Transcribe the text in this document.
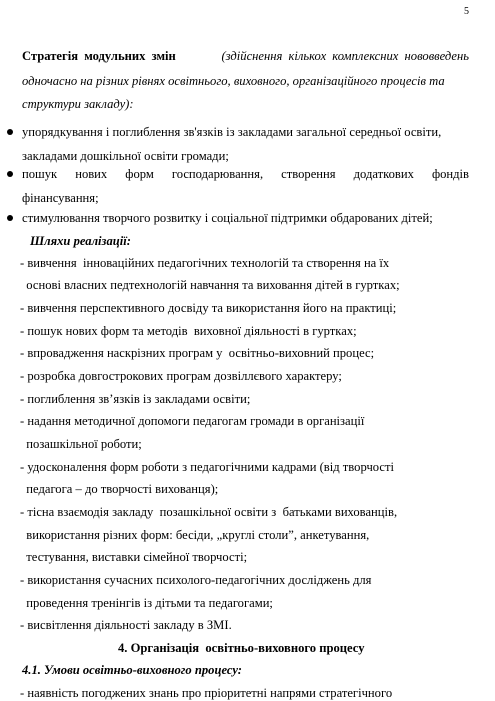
5
Стратегія модульних змін	(здійснення кількох комплексних нововведень
одночасно на різних рівнях освітнього, виховного, організаційного процесів та
структури закладу):
упорядкування і поглиблення зв'язків із закладами загальної середньої освіти,
закладами дошкільної освіти громади;
пошук нових форм господарювання, створення додаткових фондів
фінансування;
стимулювання творчого розвитку і соціальної підтримки обдарованих дітей;
Шляхи реалізації:
- вивчення  інноваційних педагогічних технологій та створення на їх
основі власних педтехнологій навчання та виховання дітей в гуртках;
- вивчення перспективного досвіду та використання його на практиці;
- пошук нових форм та методів  виховної діяльності в гуртках;
- впровадження наскрізних програм у  освітньо-виховний процес;
- розробка довгострокових програм дозвіллєвого характеру;
- поглиблення зв’язків із закладами освіти;
- надання методичної допомоги педагогам громади в організації
позашкільної роботи;
- удосконалення форм роботи з педагогічними кадрами (від творчості
педагога – до творчості вихованця);
- тісна взаємодія закладу  позашкільної освіти з  батьками вихованців,
використання різних форм: бесіди, „круглі столи”, анкетування,
тестування, виставки сімейної творчості;
- використання сучасних психолого-педагогічних досліджень для
проведення тренінгів із дітьми та педагогами;
- висвітлення діяльності закладу в ЗМІ.
4. Організація  освітньо-виховного процесу
4.1. Умови освітньо-виховного процесу:
- наявність погоджених знань про пріоритетні напрями стратегічного
